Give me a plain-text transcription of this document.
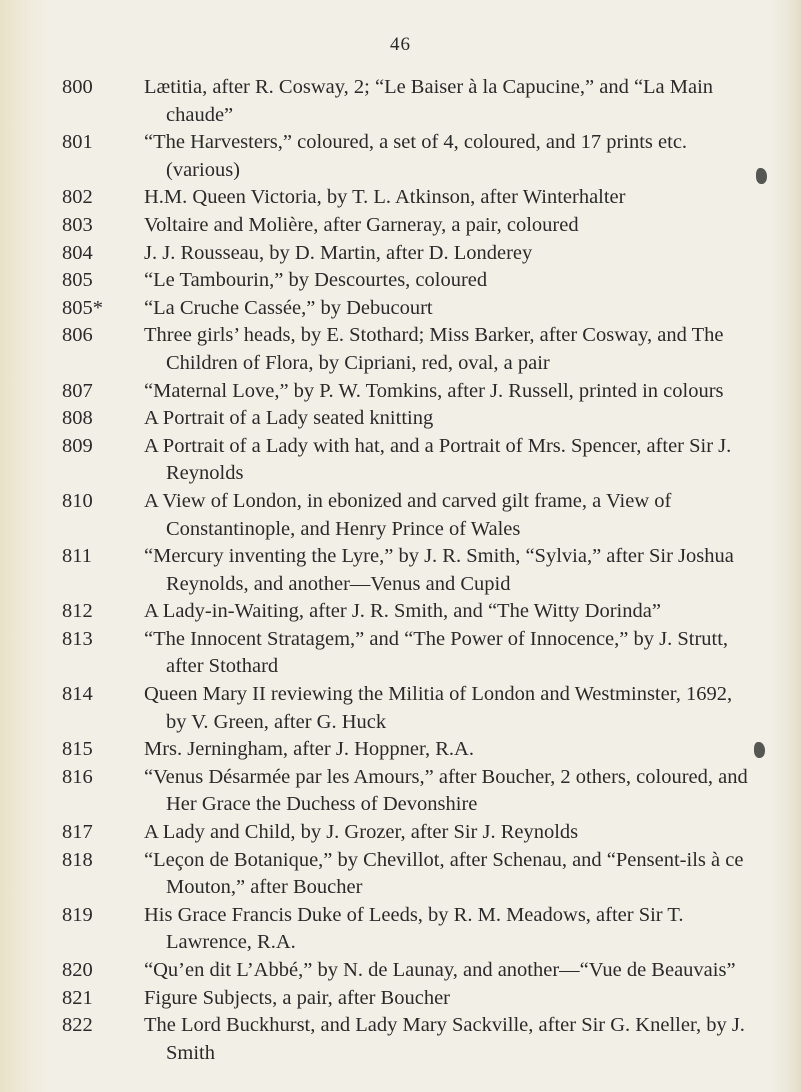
46
800	Lætitia, after R. Cosway, 2; “Le Baiser à la Capucine,” and “La Main chaude”
801	“The Harvesters,” coloured, a set of 4, coloured, and 17 prints etc. (various)
802	H.M. Queen Victoria, by T. L. Atkinson, after Winterhalter
803	Voltaire and Molière, after Garneray, a pair, coloured
804	J. J. Rousseau, by D. Martin, after D. Londerey
805	“Le Tambourin,” by Descourtes, coloured
805*	“La Cruche Cassée,” by Debucourt
806	Three girls’ heads, by E. Stothard; Miss Barker, after Cosway, and The Children of Flora, by Cipriani, red, oval, a pair
807	“Maternal Love,” by P. W. Tomkins, after J. Russell, printed in colours
808	A Portrait of a Lady seated knitting
809	A Portrait of a Lady with hat, and a Portrait of Mrs. Spencer, after Sir J. Reynolds
810	A View of London, in ebonized and carved gilt frame, a View of Constantinople, and Henry Prince of Wales
811	“Mercury inventing the Lyre,” by J. R. Smith, “Sylvia,” after Sir Joshua Reynolds, and another—Venus and Cupid
812	A Lady-in-Waiting, after J. R. Smith, and “The Witty Dorinda”
813	“The Innocent Stratagem,” and “The Power of Innocence,” by J. Strutt, after Stothard
814	Queen Mary II reviewing the Militia of London and Westminster, 1692, by V. Green, after G. Huck
815	Mrs. Jerningham, after J. Hoppner, R.A.
816	“Venus Désarmée par les Amours,” after Boucher, 2 others, coloured, and Her Grace the Duchess of Devonshire
817	A Lady and Child, by J. Grozer, after Sir J. Reynolds
818	“Leçon de Botanique,” by Chevillot, after Schenau, and “Pensent-ils à ce Mouton,” after Boucher
819	His Grace Francis Duke of Leeds, by R. M. Meadows, after Sir T. Lawrence, R.A.
820	“Qu’en dit L’Abbé,” by N. de Launay, and another—“Vue de Beauvais”
821	Figure Subjects, a pair, after Boucher
822	The Lord Buckhurst, and Lady Mary Sackville, after Sir G. Kneller, by J. Smith
